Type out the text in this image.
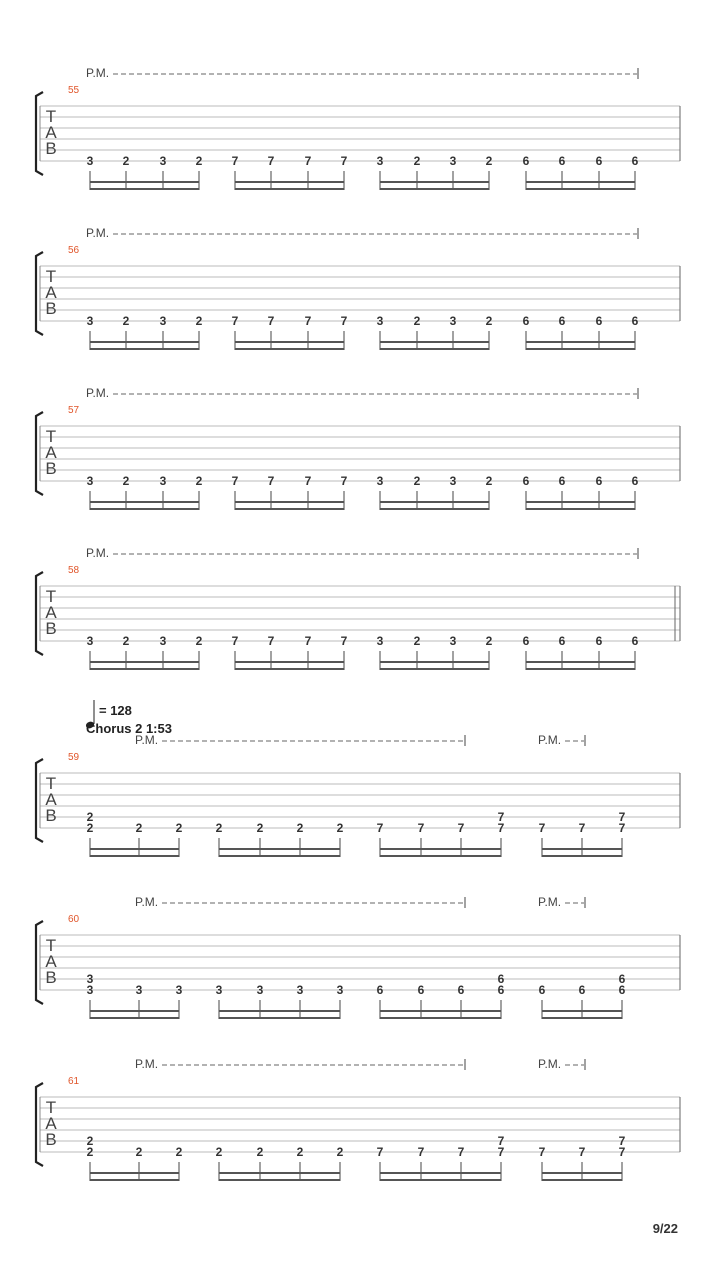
T
A
B
55
P.M.
3 2	3 2 7 7	7 7 3	2 3 2	6 6	6 6
T
A
B
56
P.M.
3 2	3 2 7 7	7 7 3	2 3 2	6 6	6 6
T
A
B
57
P.M.
3 2	3 2 7 7	7 7 3	2 3 2	6 6	6 6
T
A
B
58
P.M.
3 2	3 2 7 7	7 7 3	2 3 2	6 6	6 6
T
A
B
59
P.M.	P.M.
2
2	2	2	2	2	2	2	7	7	7
7
7	7	7
7
7
T
A
B
60
P.M.	P.M.
3
3	3	3	3	3	3	3	6	6	6
6
6	6	6
6
6
T
A
B
61
P.M.	P.M.
2
2	2	2	2	2	2	2	7	7	7
7
7	7	7
7
7
= 128
Chorus 2 1:53
9/22
